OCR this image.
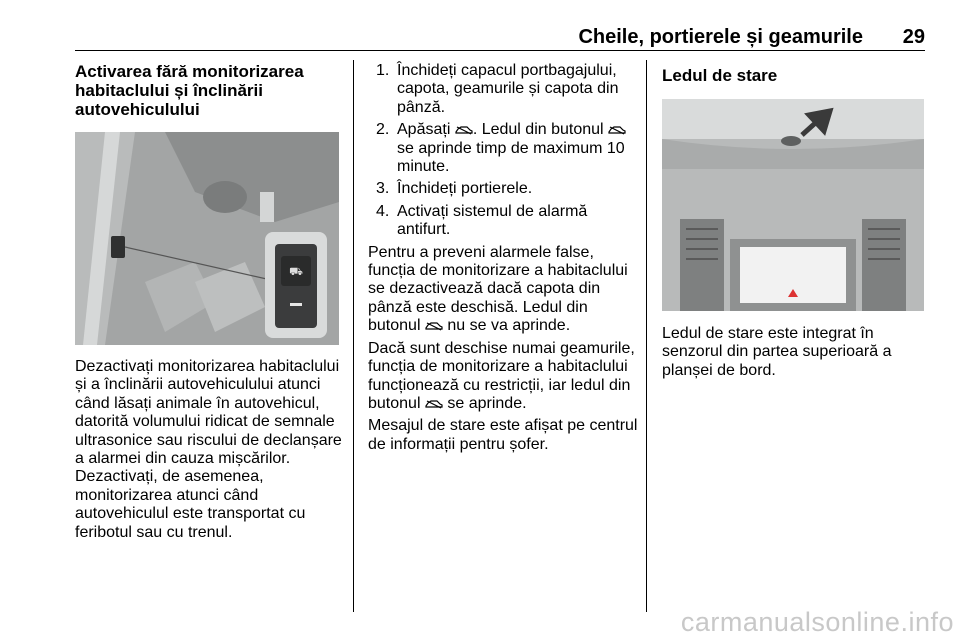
Cheile, portierele și geamurile 29

Activarea fără monitorizarea habitaclului și înclinării autovehiculului

⛟

Dezactivați monitorizarea habitaclului și a înclinării autovehiculului atunci când lăsați animale în autovehicul, datorită volumului ridicat de semnale ultrasonice sau riscului de declanșare a alarmei din cauza mișcărilor. Dezactivați, de asemenea, monitorizarea atunci când autovehiculul este transportat cu feribotul sau cu trenul.

1. Închideți capacul portbagajului, capota, geamurile și capota din pânză.
2. Apăsați . Ledul din butonul  se aprinde timp de maximum 10 minute.
3. Închideți portierele.
4. Activați sistemul de alarmă antifurt.

Pentru a preveni alarmele false, funcția de monitorizare a habitaclului se dezactivează dacă capota din pânză este deschisă. Ledul din butonul  nu se va aprinde.

Dacă sunt deschise numai geamurile, funcția de monitorizare a habitaclului funcționează cu restricții, iar ledul din butonul  se aprinde.

Mesajul de stare este afișat pe centrul de informații pentru șofer.

Ledul de stare

Ledul de stare este integrat în senzorul din partea superioară a planșei de bord.

carmanualsonline.info
